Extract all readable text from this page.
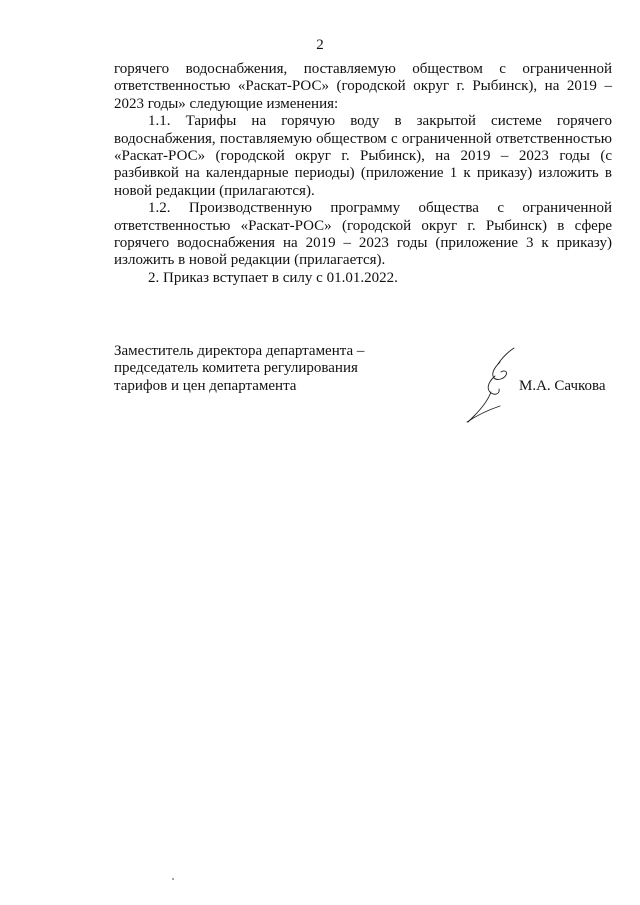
2

горячего водоснабжения, поставляемую обществом с ограниченной ответственностью «Раскат-РОС» (городской округ г. Рыбинск), на 2019 – 2023 годы» следующие изменения:

1.1. Тарифы на горячую воду в закрытой системе горячего водоснабжения, поставляемую обществом с ограниченной ответственностью «Раскат-РОС» (городской округ г. Рыбинск), на 2019 – 2023 годы (с разбивкой на календарные периоды) (приложение 1 к приказу) изложить в новой редакции (прилагаются).

1.2. Производственную программу общества с ограниченной ответственностью «Раскат-РОС» (городской округ г. Рыбинск) в сфере горячего водоснабжения на 2019 – 2023 годы (приложение 3 к приказу) изложить в новой редакции (прилагается).

2. Приказ вступает в силу с 01.01.2022.

Заместитель директора департамента –
председатель комитета регулирования
тарифов и цен департамента	М.А. Сачкова
